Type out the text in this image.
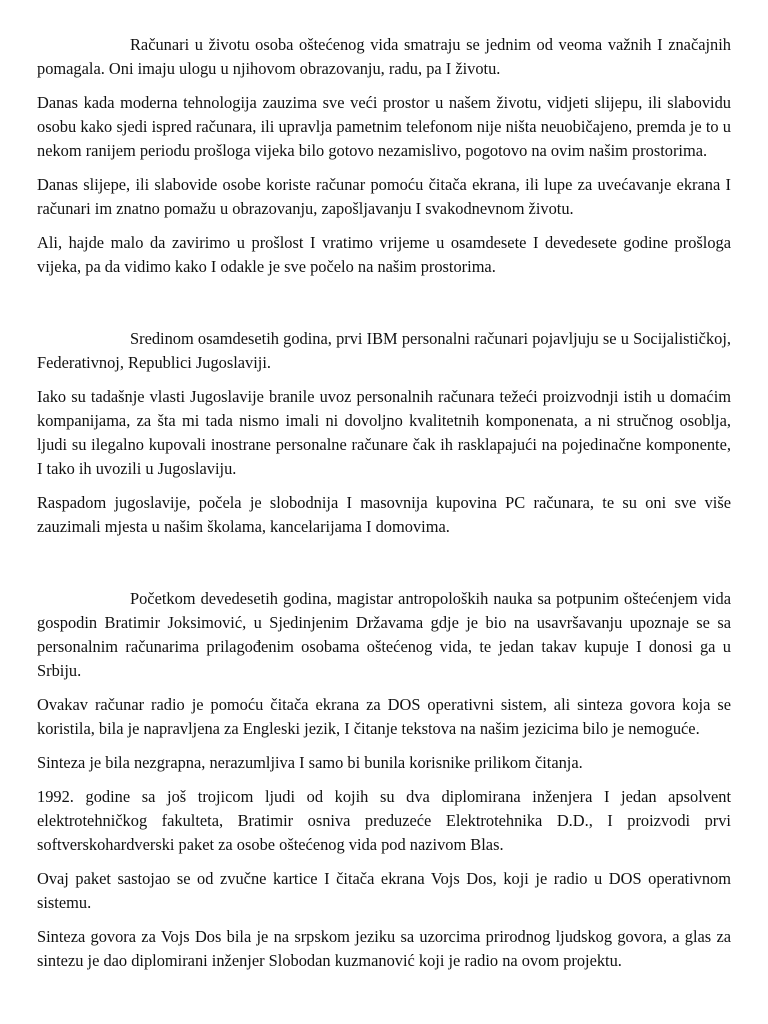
Računari u životu osoba oštećenog vida smatraju se jednim od veoma važnih I značajnih pomagala. Oni imaju ulogu u njihovom obrazovanju, radu, pa I životu.

Danas kada moderna tehnologija zauzima sve veći prostor u našem životu, vidjeti slijepu, ili slabovidu osobu kako sjedi ispred računara, ili upravlja pametnim telefonom nije ništa neuobičajeno, premda je to u nekom ranijem periodu prošloga vijeka bilo gotovo nezamislivo, pogotovo na ovim našim prostorima.

Danas slijepe, ili slabovide osobe koriste računar pomoću čitača ekrana, ili lupe za uvećavanje ekrana I računari im znatno pomažu u obrazovanju, zapošljavanju I svakodnevnom životu.

Ali, hajde malo da zavirimo u prošlost I vratimo vrijeme u osamdesete I devedesete godine prošloga vijeka, pa da vidimo kako I odakle je sve počelo na našim prostorima.

Sredinom osamdesetih godina, prvi IBM personalni računari pojavljuju se u Socijalističkoj, Federativnoj, Republici Jugoslaviji.

Iako su tadašnje vlasti Jugoslavije branile uvoz personalnih računara težeći proizvodnji istih u domaćim kompanijama, za šta mi tada nismo imali ni dovoljno kvalitetnih komponenata, a ni stručnog osoblja, ljudi su ilegalno kupovali inostrane personalne računare čak ih rasklapajući na pojedinačne komponente, I tako ih uvozili u Jugoslaviju.

Raspadom jugoslavije, počela je slobodnija I masovnija kupovina PC računara, te su oni sve više zauzimali mjesta u našim školama, kancelarijama I domovima.

Početkom devedesetih godina, magistar antropoloških nauka sa potpunim oštećenjem vida gospodin Bratimir Joksimović, u Sjedinjenim Državama gdje je bio na usavršavanju upoznaje se sa personalnim računarima prilagođenim osobama oštećenog vida, te jedan takav kupuje I donosi ga u Srbiju.

Ovakav računar radio je pomoću čitača ekrana za DOS operativni sistem, ali sinteza govora koja se koristila, bila je napravljena za Engleski jezik, I čitanje tekstova na našim jezicima bilo je nemoguće.

Sinteza je bila nezgrapna, nerazumljiva I samo bi bunila korisnike prilikom čitanja.

1992. godine sa još trojicom ljudi od kojih su dva diplomirana inženjera I jedan apsolvent elektrotehničkog fakulteta, Bratimir osniva preduzeće Elektrotehnika D.D., I proizvodi prvi softverskohardverski paket za osobe oštećenog vida pod nazivom Blas.

Ovaj paket sastojao se od zvučne kartice I čitača ekrana Vojs Dos, koji je radio u DOS operativnom sistemu.

Sinteza govora za Vojs Dos bila je na srpskom jeziku sa uzorcima prirodnog ljudskog govora, a glas za sintezu je dao diplomirani inženjer Slobodan kuzmanović koji je radio na ovom projektu.
